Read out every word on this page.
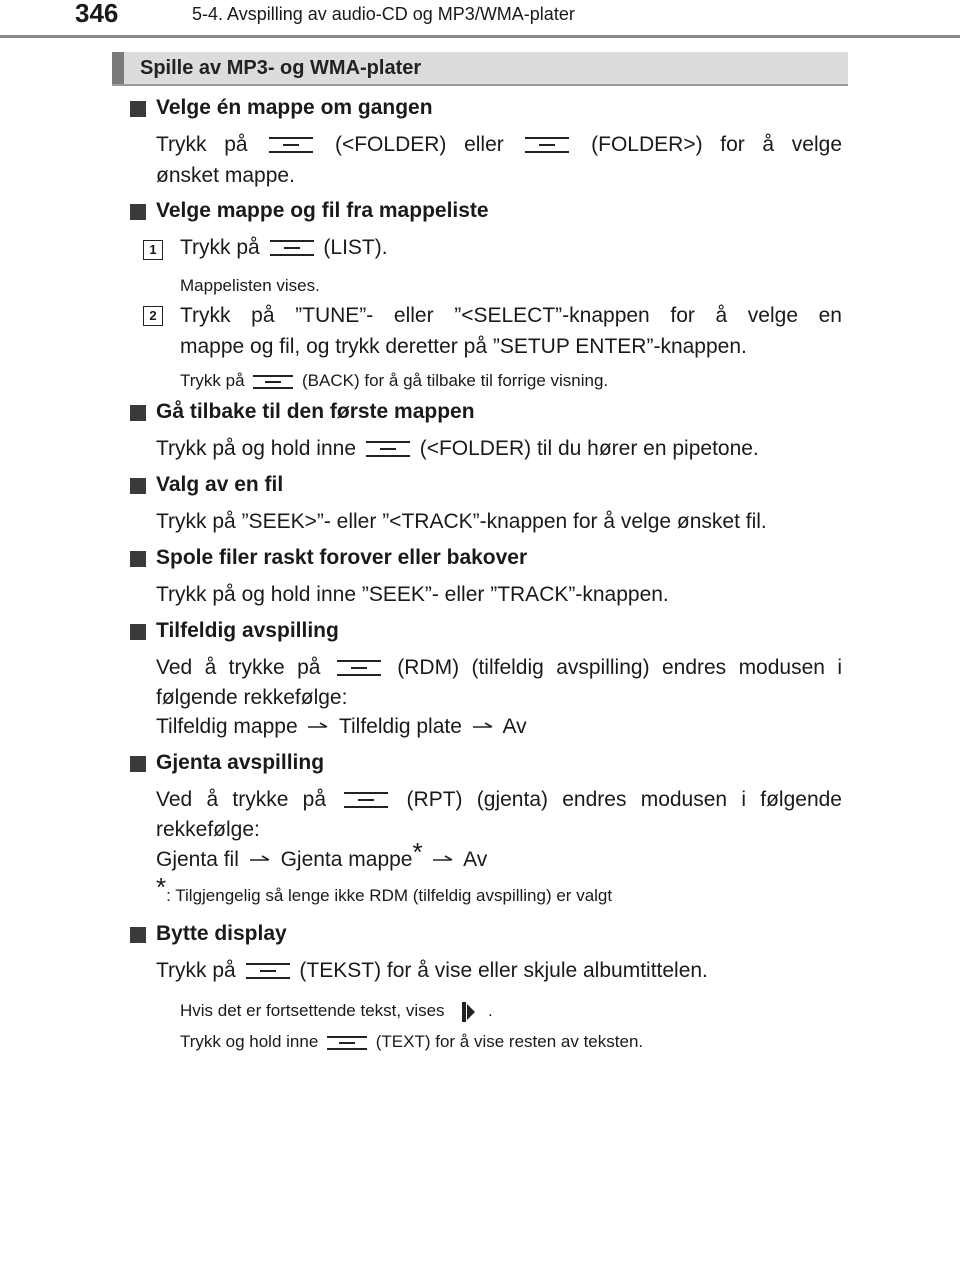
346	5-4. Avspilling av audio-CD og MP3/WMA-plater
Spille av MP3- og WMA-plater
Velge én mappe om gangen
Trykk på	(<FOLDER) eller	(FOLDER>) for å velge
ønsket mappe.
Velge mappe og fil fra mappeliste
1	Trykk på	(LIST).
Mappelisten vises.
2	Trykk på ”TUNE”- eller ”<SELECT”-knappen for å velge en
mappe og fil, og trykk deretter på ”SETUP ENTER”-knappen.
Trykk på	(BACK) for å gå tilbake til forrige visning.
Gå tilbake til den første mappen
Trykk på og hold inne	(<FOLDER) til du hører en pipetone.
Valg av en fil
Trykk på ”SEEK>”- eller ”<TRACK”-knappen for å velge ønsket fil.
Spole filer raskt forover eller bakover
Trykk på og hold inne ”SEEK”- eller ”TRACK”-knappen.
Tilfeldig avspilling
Ved å trykke på	(RDM) (tilfeldig avspilling) endres modusen i
følgende rekkefølge:
Tilfeldig mappe Tilfeldig plate Av
Gjenta avspilling
Ved å trykke på	(RPT) (gjenta) endres modusen i følgende
rekkefølge:
Gjenta fil Gjenta mappe* Av
*: Tilgjengelig så lenge ikke RDM (tilfeldig avspilling) er valgt
Bytte display
Trykk på	(TEKST) for å vise eller skjule albumtittelen.
Hvis det er fortsettende tekst, vises	.
Trykk og hold inne	(TEXT) for å vise resten av teksten.
